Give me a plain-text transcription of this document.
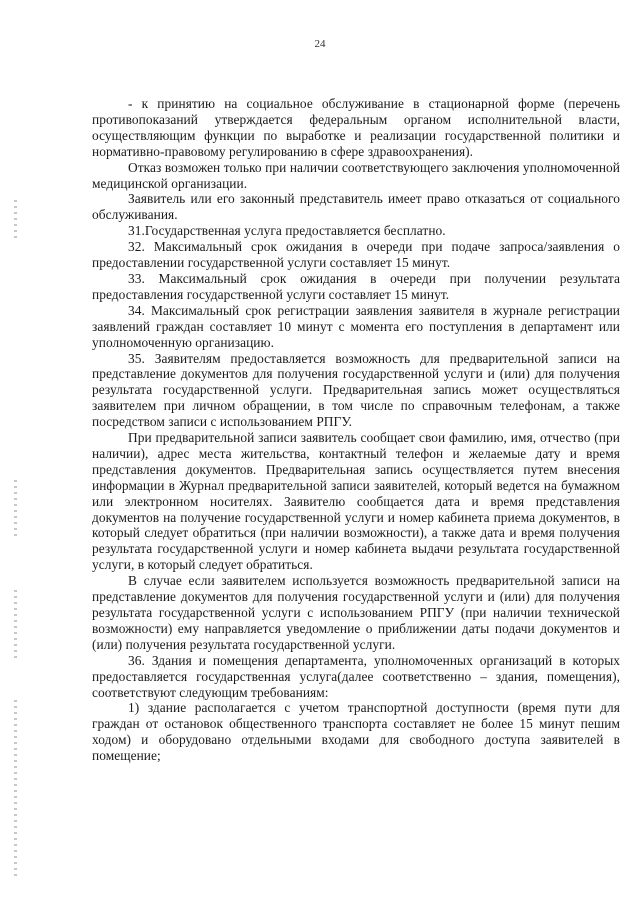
24

- к принятию на социальное обслуживание в стационарной форме (перечень противопоказаний утверждается федеральным органом исполнительной власти, осуществляющим функции по выработке и реализации государственной политики и нормативно-правовому регулированию в сфере здравоохранения).

Отказ возможен только при наличии соответствующего заключения уполномоченной медицинской организации.

Заявитель или его законный представитель имеет право отказаться от социального обслуживания.

31.Государственная услуга предоставляется бесплатно.

32. Максимальный срок ожидания в очереди при подаче запроса/заявления о предоставлении государственной услуги составляет 15 минут.

33. Максимальный срок ожидания в очереди при получении результата предоставления государственной услуги составляет 15 минут.

34. Максимальный срок регистрации заявления заявителя в журнале регистрации заявлений граждан составляет 10 минут с момента его поступления в департамент или уполномоченную организацию.

35. Заявителям предоставляется возможность для предварительной записи на представление документов для получения государственной услуги и (или) для получения результата государственной услуги. Предварительная запись может осуществляться заявителем при личном обращении, в том числе по справочным телефонам, а также посредством записи с использованием РПГУ.

При предварительной записи заявитель сообщает свои фамилию, имя, отчество (при наличии), адрес места жительства, контактный телефон и желаемые дату и время представления документов. Предварительная запись осуществляется путем внесения информации в Журнал предварительной записи заявителей, который ведется на бумажном или электронном носителях. Заявителю сообщается дата и время представления документов на получение государственной услуги и номер кабинета приема документов, в который следует обратиться (при наличии возможности), а также дата и время получения результата государственной услуги и номер кабинета выдачи результата государственной услуги, в который следует обратиться.

В случае если заявителем используется возможность предварительной записи на представление документов для получения государственной услуги и (или) для получения результата государственной услуги с использованием РПГУ (при наличии технической возможности) ему направляется уведомление о приближении даты подачи документов и (или) получения результата государственной услуги.

36. Здания и помещения департамента, уполномоченных организаций в которых предоставляется государственная услуга(далее соответственно – здания, помещения), соответствуют следующим требованиям:

1) здание располагается с учетом транспортной доступности (время пути для граждан от остановок общественного транспорта составляет не более 15 минут пешим ходом) и оборудовано отдельными входами для свободного доступа заявителей в помещение;
